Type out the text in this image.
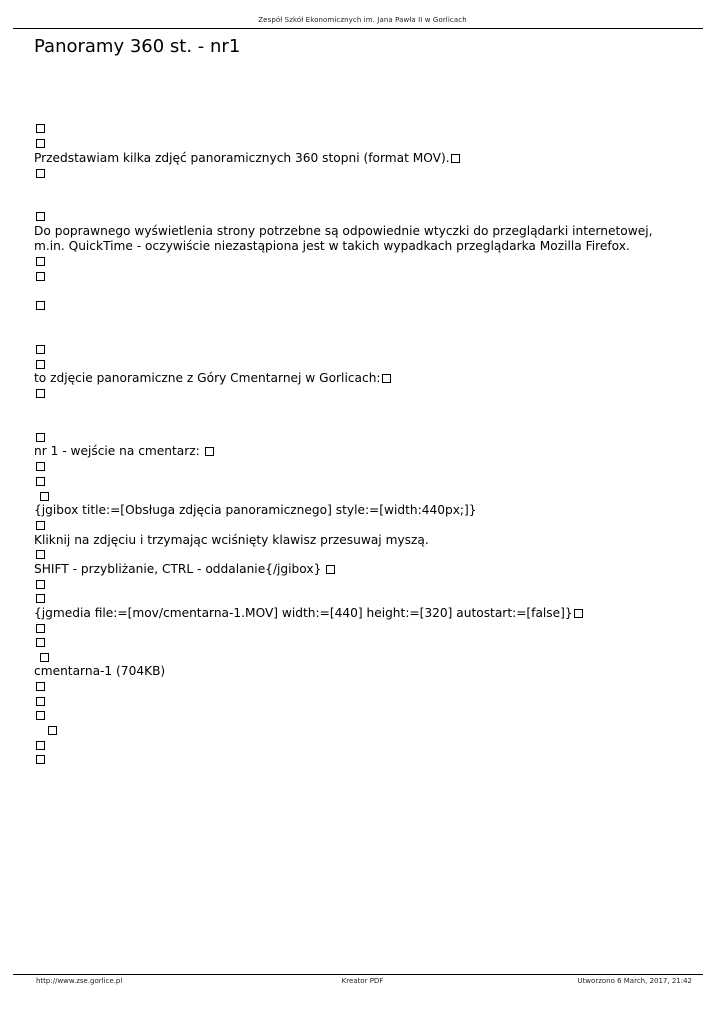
Zespół Szkół Ekonomicznych im. Jana Pawła II w Gorlicach
Panoramy 360 st. - nr1
Przedstawiam kilka zdjęć panoramicznych 360 stopni (format MOV).
Do poprawnego wyświetlenia strony potrzebne są odpowiednie wtyczki do przeglądarki internetowej,
m.in. QuickTime - oczywiście niezastąpiona jest w takich wypadkach przeglądarka Mozilla Firefox.
to zdjęcie panoramiczne z Góry Cmentarnej w Gorlicach:
nr 1 - wejście na cmentarz:
{jgibox title:=[Obsługa zdjęcia panoramicznego] style:=[width:440px;]}
Kliknij na zdjęciu i trzymając wciśnięty klawisz przesuwaj myszą.
SHIFT - przybliżanie, CTRL - oddalanie{/jgibox}
{jgmedia file:=[mov/cmentarna-1.MOV] width:=[440] height:=[320] autostart:=[false]}
cmentarna-1 (704KB)
http://www.zse.gorlice.pl	Kreator PDF	Utworzono 6 March, 2017, 21:42
